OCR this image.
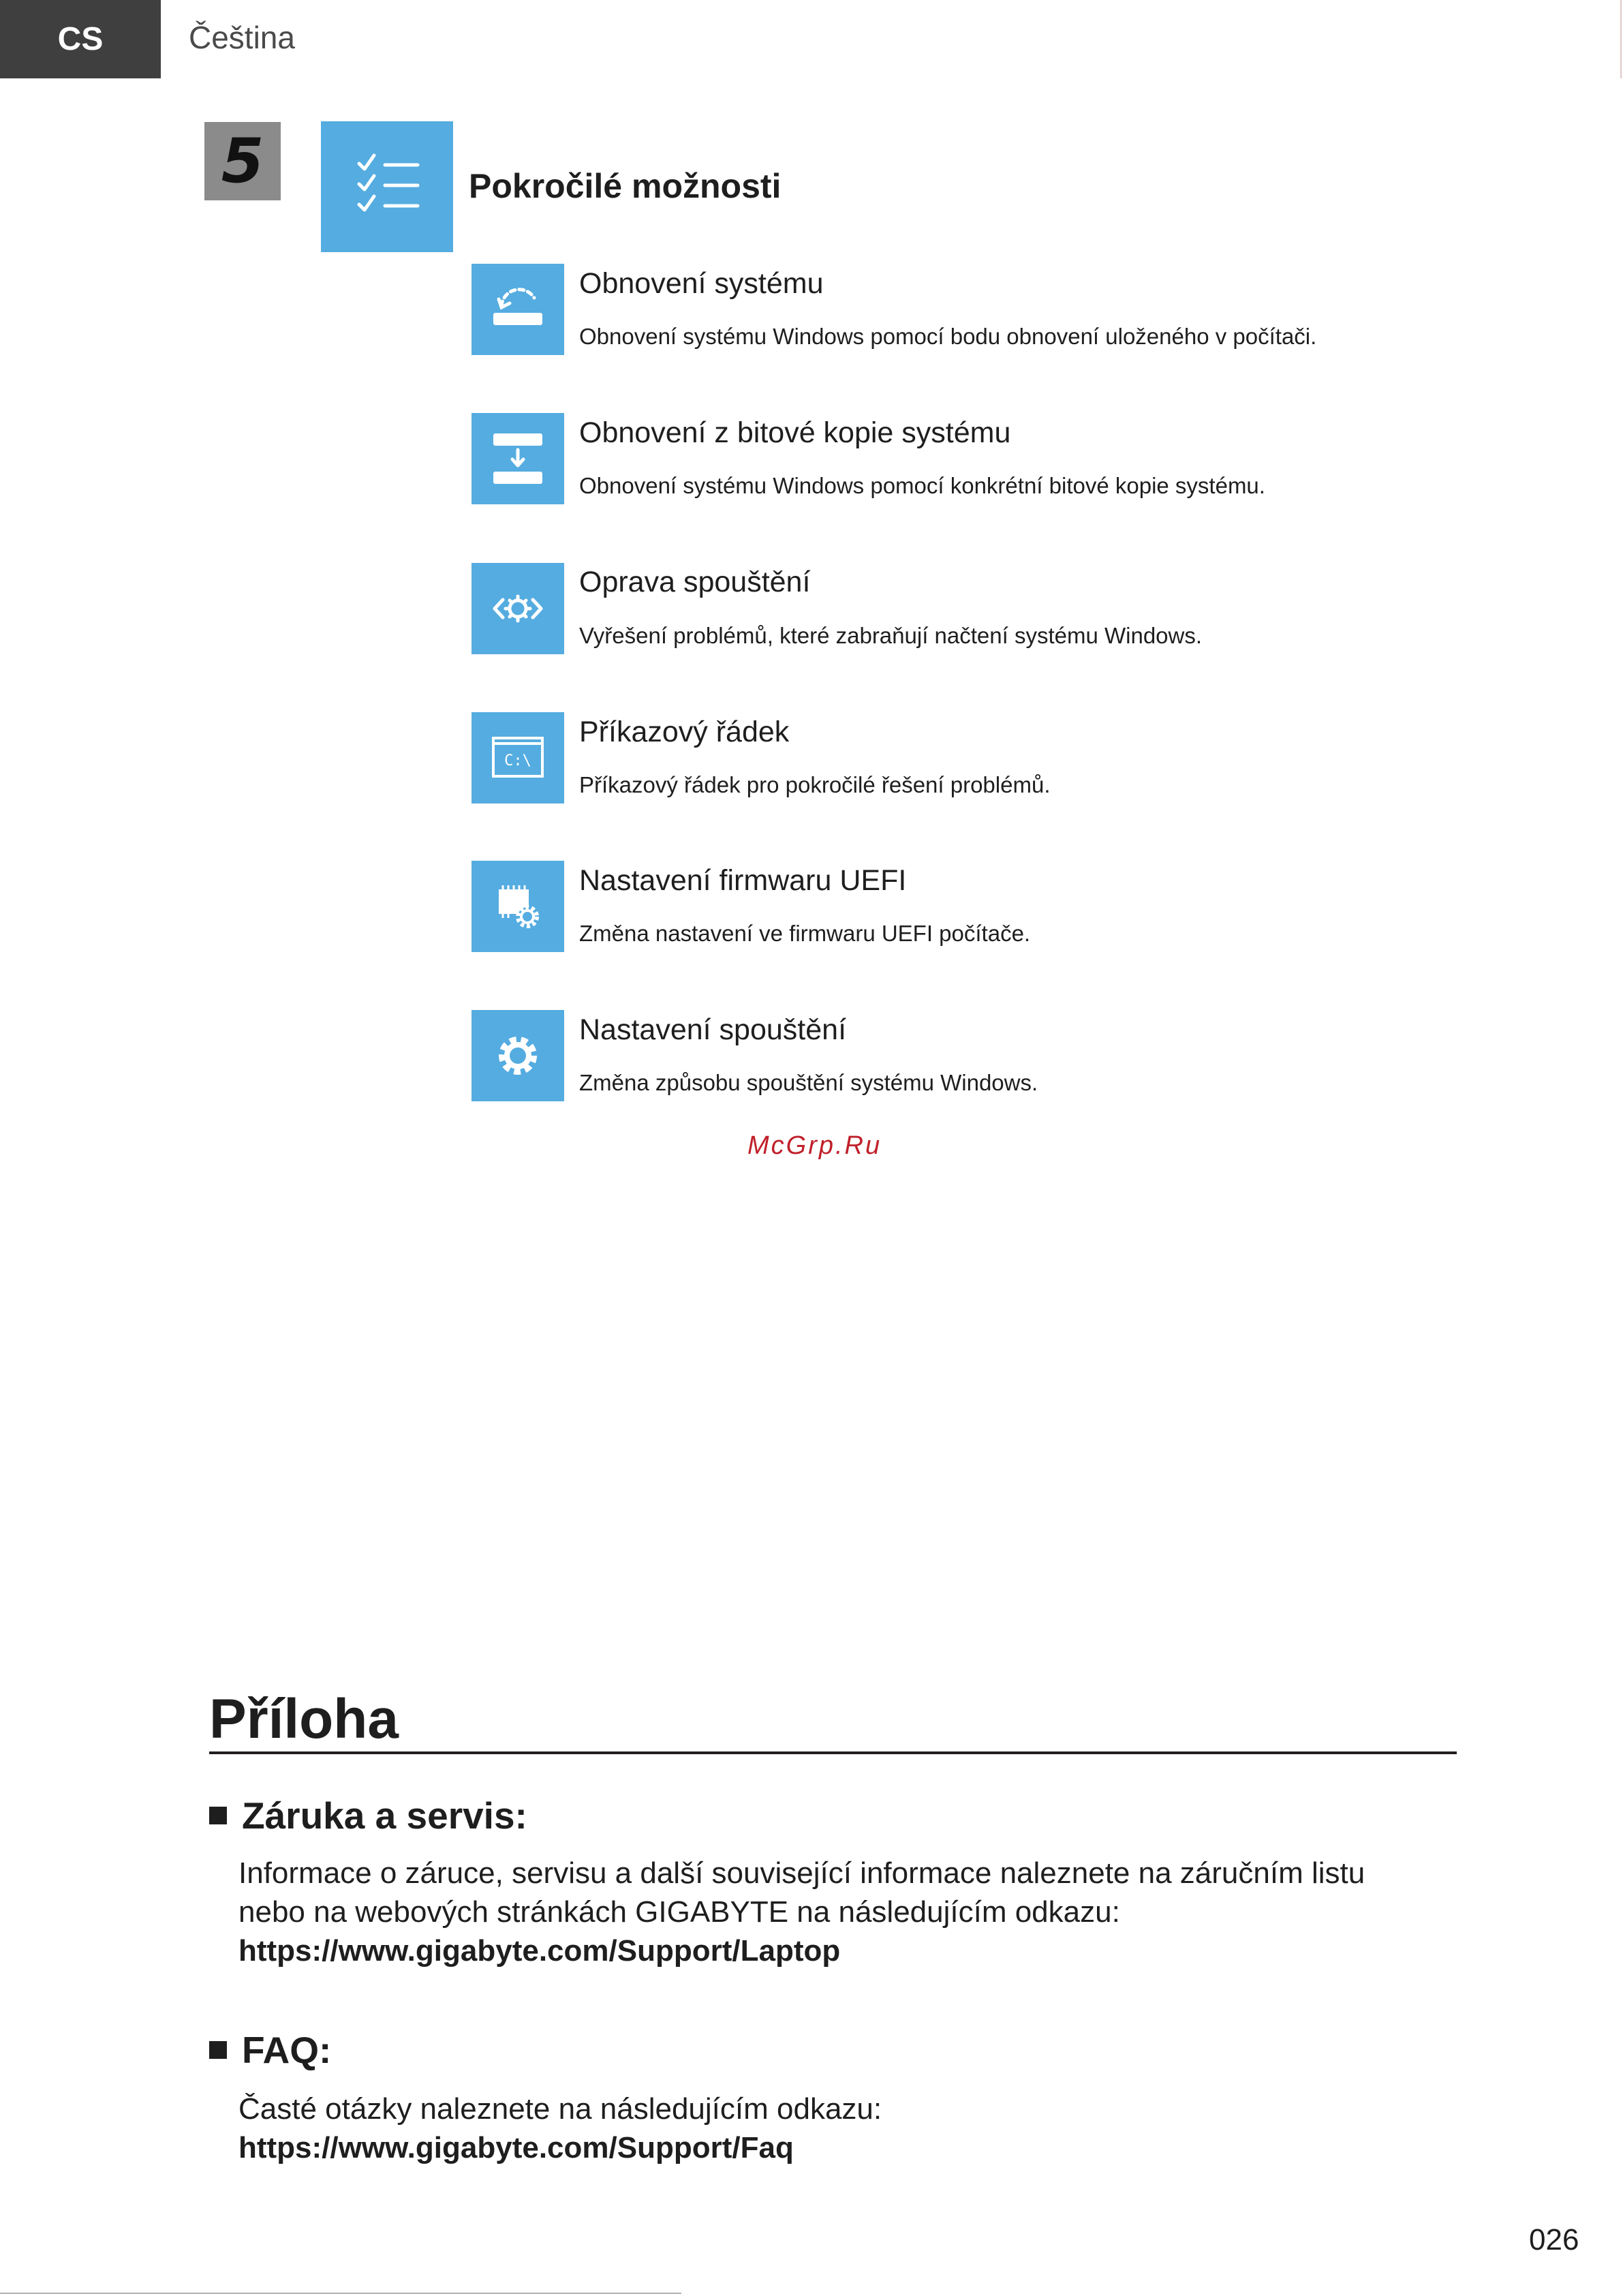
CS	Čeština
5	Pokročilé možnosti
Obnovení systému
Obnovení systému Windows pomocí bodu obnovení uloženého v počítači.
Obnovení z bitové kopie systému
Obnovení systému Windows pomocí konkrétní bitové kopie systému.
Oprava spouštění
Vyřešení problémů, které zabraňují načtení systému Windows.
C:\
Příkazový řádek
Příkazový řádek pro pokročilé řešení problémů.
Nastavení firmwaru UEFI
Změna nastavení ve firmwaru UEFI počítače.
Nastavení spouštění
Změna způsobu spouštění systému Windows.
McGrp.Ru
Příloha
Záruka a servis:
Informace o záruce, servisu a další související informace naleznete na záručním listu
nebo na webových stránkách GIGABYTE na následujícím odkazu:
https://www.gigabyte.com/Support/Laptop
FAQ:
Časté otázky naleznete na následujícím odkazu:
https://www.gigabyte.com/Support/Faq
026
